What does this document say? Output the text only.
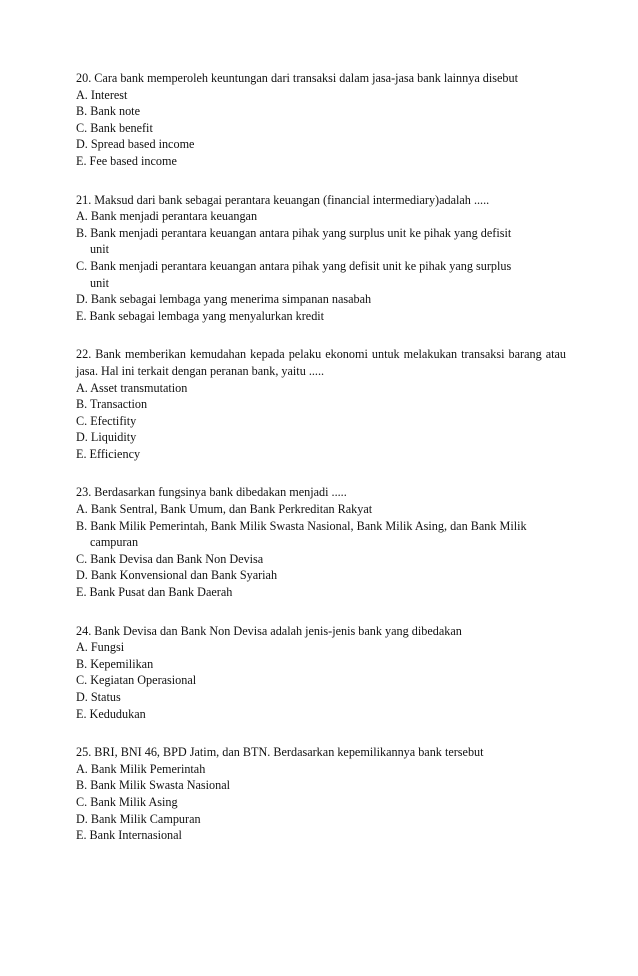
20. Cara bank memperoleh keuntungan dari transaksi dalam jasa-jasa bank lainnya disebut
A. Interest
B. Bank note
C. Bank benefit
D. Spread based income
E. Fee based income
21. Maksud dari bank sebagai perantara keuangan (financial intermediary)adalah .....
A. Bank menjadi perantara keuangan
B. Bank menjadi perantara keuangan antara pihak yang surplus unit ke pihak yang defisit
unit
C. Bank menjadi perantara keuangan antara pihak yang defisit unit ke pihak yang surplus
unit
D. Bank sebagai lembaga yang menerima simpanan nasabah
E. Bank sebagai lembaga yang menyalurkan kredit
22. Bank memberikan kemudahan kepada pelaku ekonomi untuk melakukan transaksi barang atau jasa. Hal ini terkait dengan peranan bank, yaitu .....
A. Asset transmutation
B. Transaction
C. Efectifity
D. Liquidity
E. Efficiency
23. Berdasarkan fungsinya bank dibedakan menjadi .....
A. Bank Sentral, Bank Umum, dan Bank Perkreditan Rakyat
B. Bank Milik Pemerintah, Bank Milik Swasta Nasional, Bank Milik Asing, dan Bank Milik
campuran
C. Bank Devisa dan Bank Non Devisa
D. Bank Konvensional dan Bank Syariah
E. Bank Pusat dan Bank Daerah
24. Bank Devisa dan Bank Non Devisa adalah jenis-jenis bank yang dibedakan
A. Fungsi
B. Kepemilikan
C. Kegiatan Operasional
D. Status
E. Kedudukan
25. BRI, BNI 46, BPD Jatim, dan BTN. Berdasarkan kepemilikannya bank tersebut
A. Bank Milik Pemerintah
B. Bank Milik Swasta Nasional
C. Bank Milik Asing
D. Bank Milik Campuran
E. Bank Internasional
